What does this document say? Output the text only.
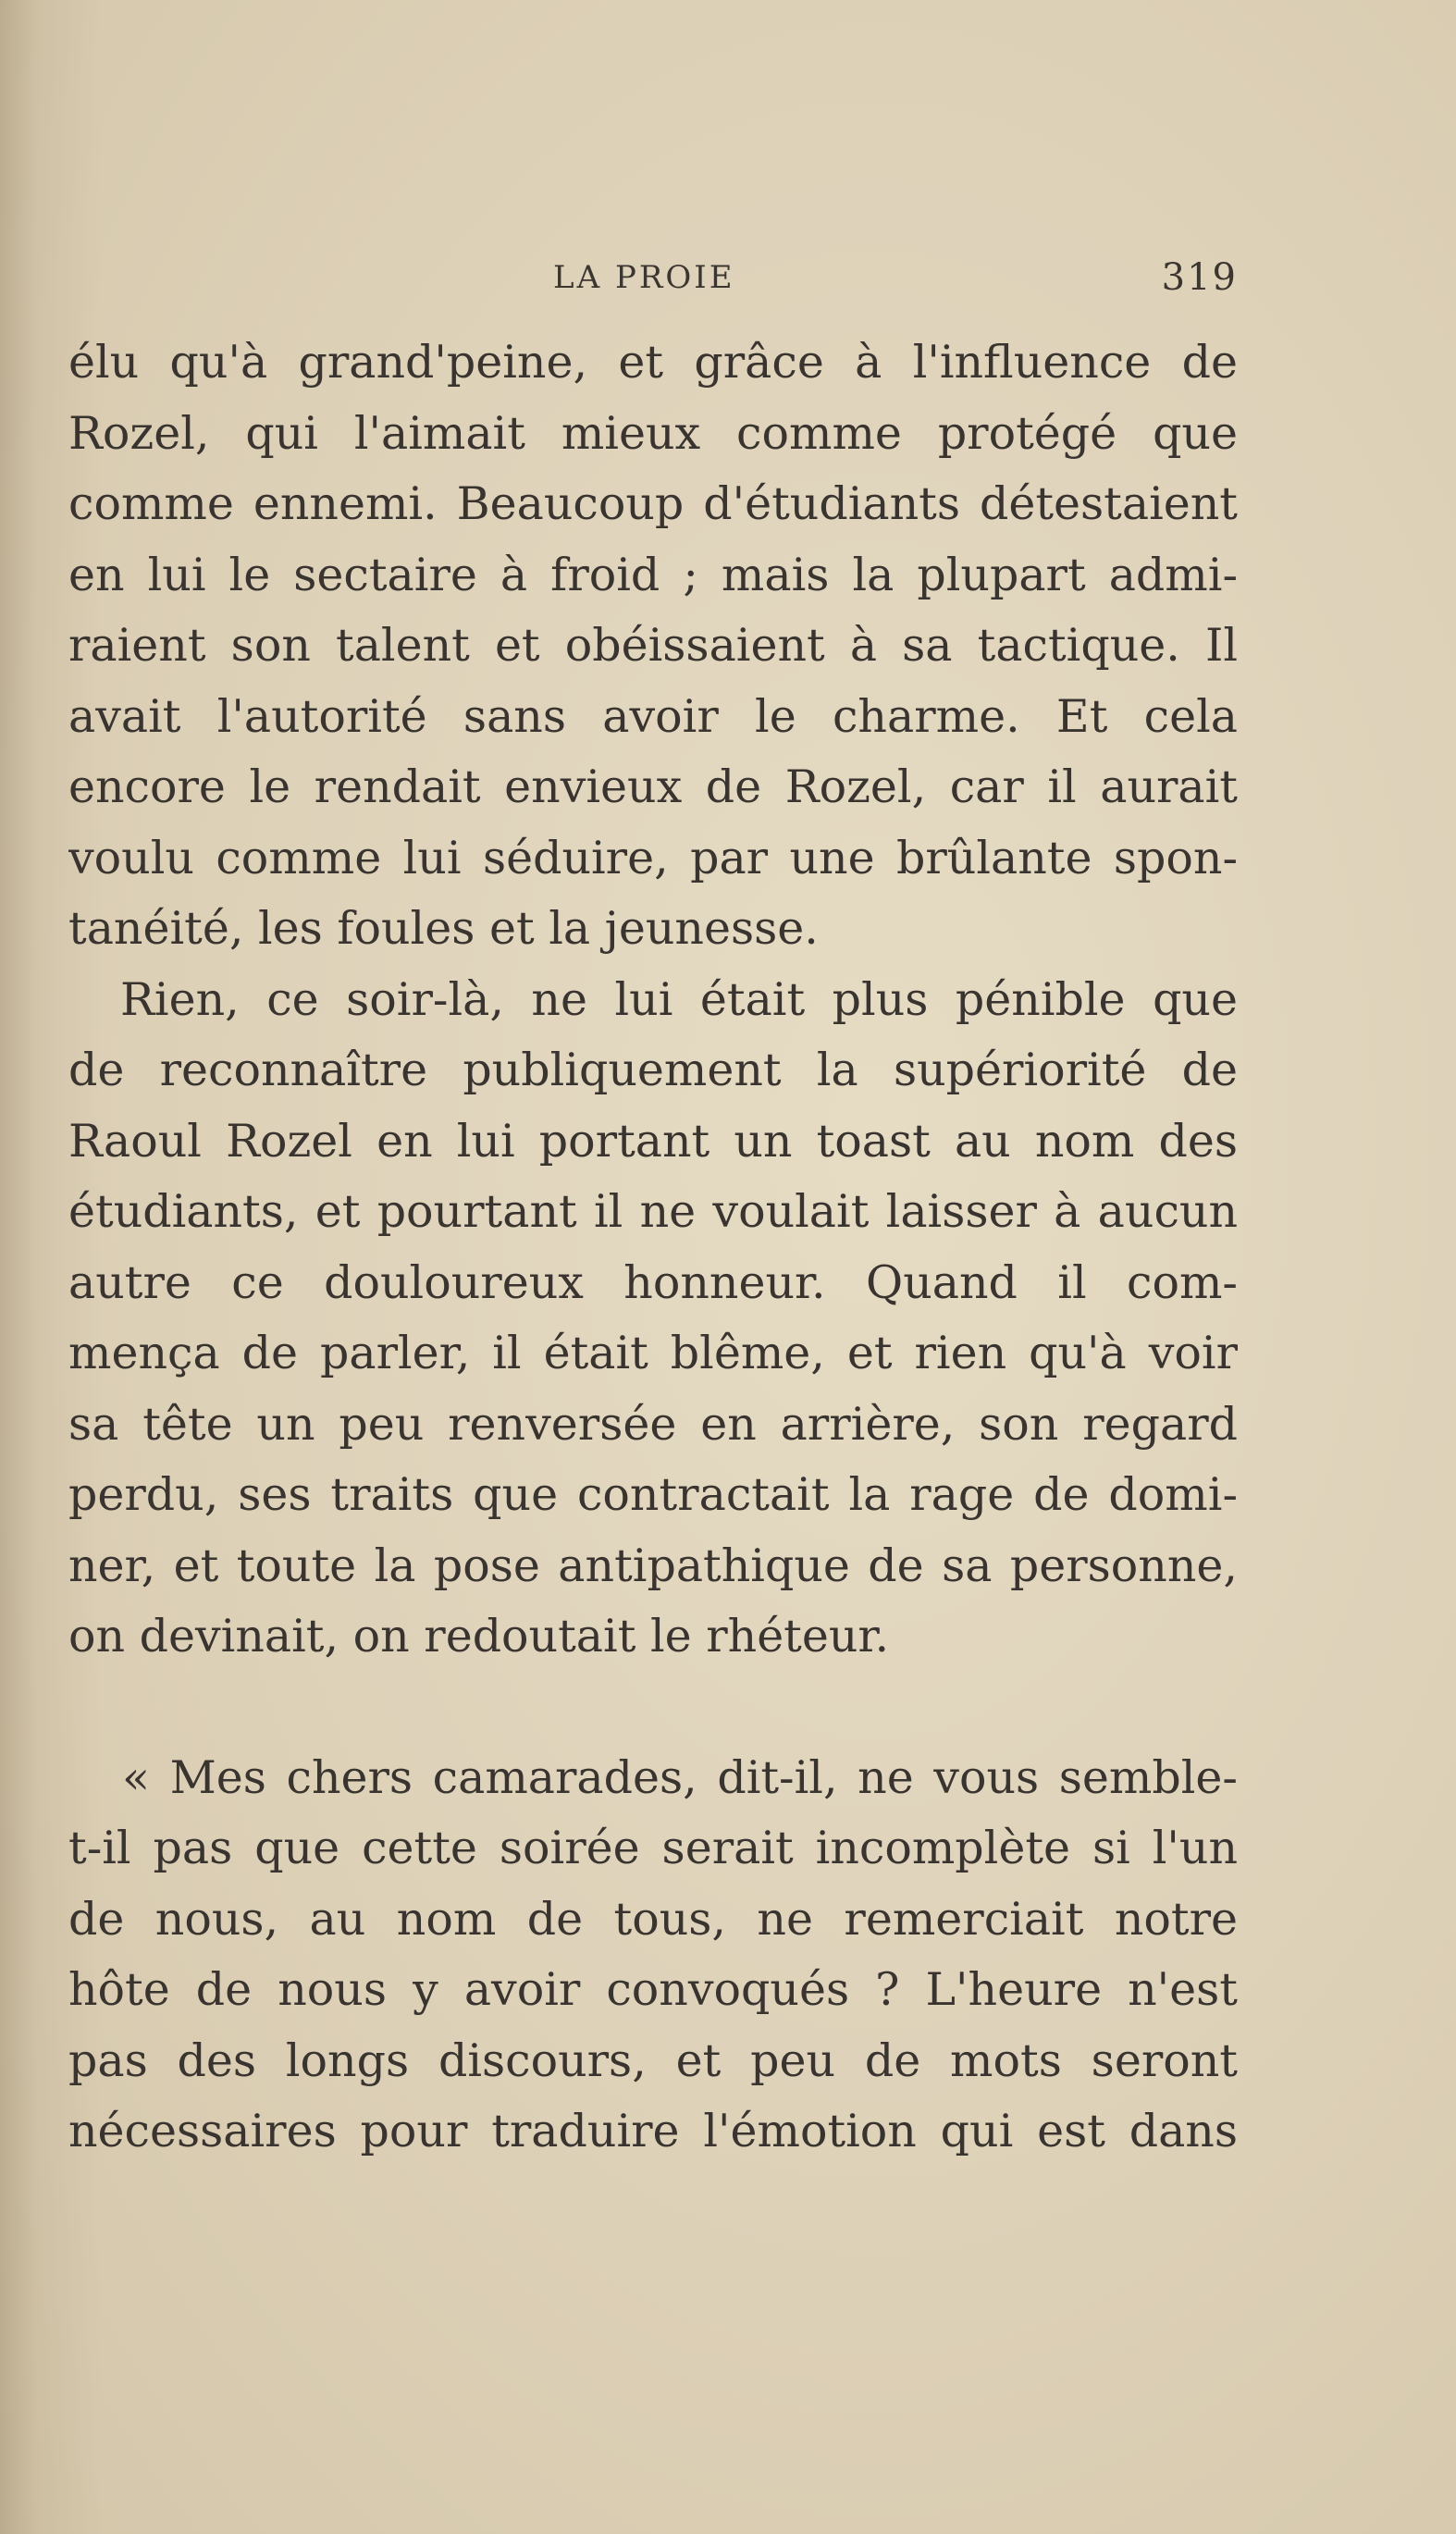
LA PROIE	319
élu qu'à grand'peine, et grâce à l'influence de
Rozel, qui l'aimait mieux comme protégé que
comme ennemi. Beaucoup d'étudiants détestaient
en lui le sectaire à froid ; mais la plupart admi-
raient son talent et obéissaient à sa tactique. Il
avait l'autorité sans avoir le charme. Et cela
encore le rendait envieux de Rozel, car il aurait
voulu comme lui séduire, par une brûlante spon-
tanéité, les foules et la jeunesse.
Rien, ce soir-là, ne lui était plus pénible que
de reconnaître publiquement la supériorité de
Raoul Rozel en lui portant un toast au nom des
étudiants, et pourtant il ne voulait laisser à aucun
autre ce douloureux honneur. Quand il com-
mença de parler, il était blême, et rien qu'à voir
sa tête un peu renversée en arrière, son regard
perdu, ses traits que contractait la rage de domi-
ner, et toute la pose antipathique de sa personne,
on devinait, on redoutait le rhéteur.
« Mes chers camarades, dit-il, ne vous semble-
t-il pas que cette soirée serait incomplète si l'un
de nous, au nom de tous, ne remerciait notre
hôte de nous y avoir convoqués ? L'heure n'est
pas des longs discours, et peu de mots seront
nécessaires pour traduire l'émotion qui est dans
